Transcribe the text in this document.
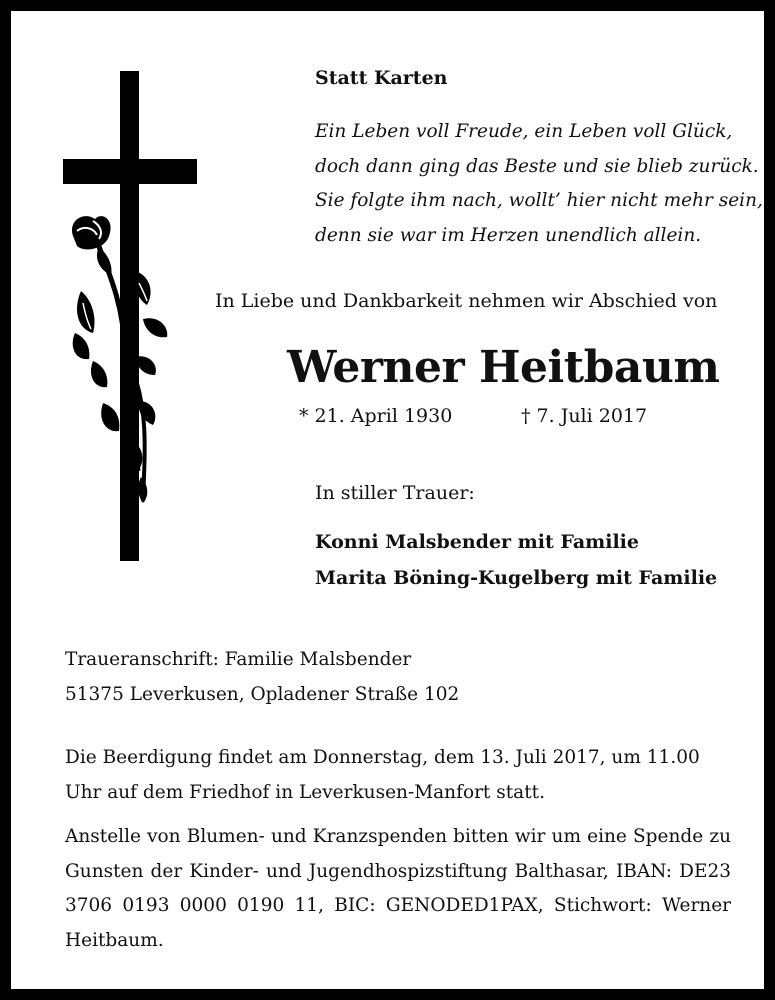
Statt Karten
Ein Leben voll Freude, ein Leben voll Glück,
doch dann ging das Beste und sie blieb zurück.
Sie folgte ihm nach, wollt’ hier nicht mehr sein,
denn sie war im Herzen unendlich allein.
In Liebe und Dankbarkeit nehmen wir Abschied von
Werner Heitbaum
* 21. April 1930	† 7. Juli 2017
In stiller Trauer:
Konni Malsbender mit Familie
Marita Böning-Kugelberg mit Familie
Traueranschrift: Familie Malsbender
51375 Leverkusen, Opladener Straße 102
Die Beerdigung findet am Donnerstag, dem 13. Juli 2017, um 11.00 Uhr auf dem Friedhof in Leverkusen-Manfort statt.
Anstelle von Blumen- und Kranzspenden bitten wir um eine Spende zu Gunsten der Kinder- und Jugendhospizstiftung Balthasar, IBAN: DE23 3706 0193 0000 0190 11, BIC: GENODED1PAX, Stichwort: Werner Heitbaum.
